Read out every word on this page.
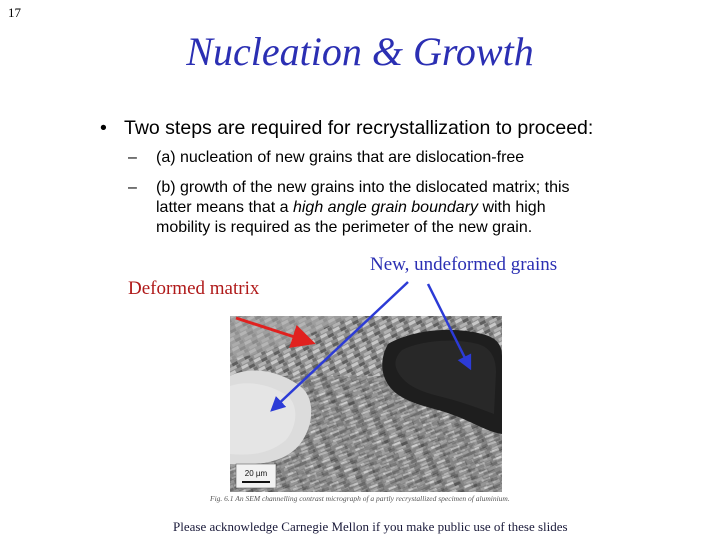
17
Nucleation & Growth
• Two steps are required for recrystallization to proceed:
– (a) nucleation of new grains that are dislocation-free
– (b) growth of the new grains into the dislocated matrix; this
latter means that a high angle grain boundary with high
mobility is required as the perimeter of the new grain.
Deformed matrix
New, undeformed grains
20 µm
Fig. 6.1 An SEM channelling contrast micrograph of a partly recrystallized specimen of aluminium.
Please acknowledge Carnegie Mellon if you make public use of these slides
